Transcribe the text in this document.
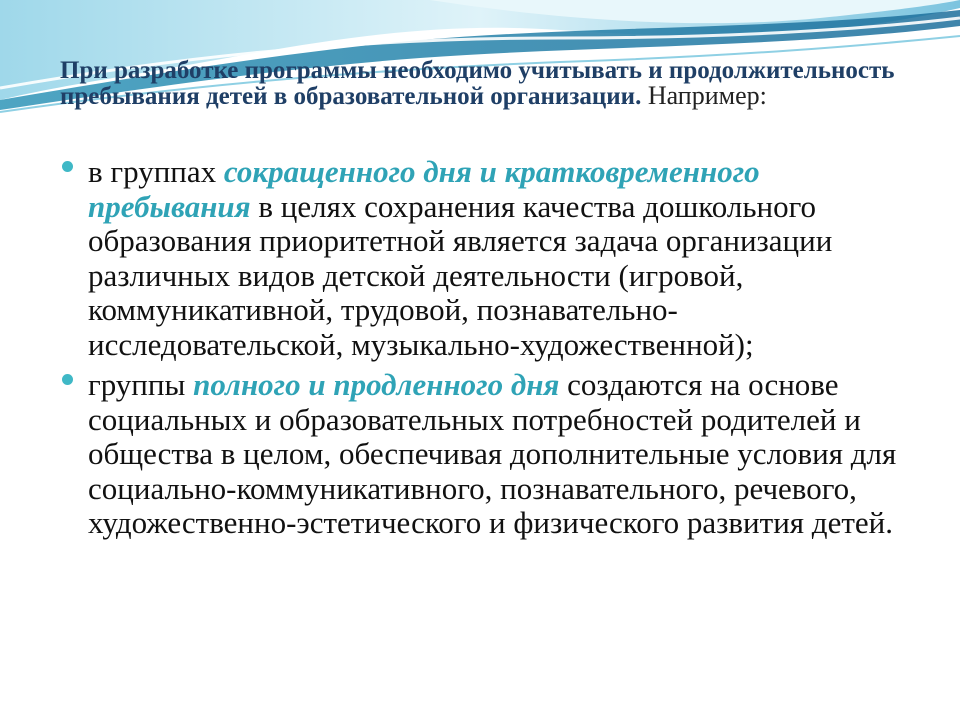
При разработке программы необходимо учитывать и продолжительность пребывания детей в образовательной организации. Например:
в группах сокращенного дня и кратковременного пребывания в целях сохранения качества дошкольного образования приоритетной является задача организации различных видов детской деятельности (игровой, коммуникативной, трудовой, познавательно-исследовательской, музыкально-художественной);
группы полного и продленного дня создаются на основе социальных и образовательных потребностей родителей и общества в целом, обеспечивая дополнительные условия для социально-коммуникативного, познавательного, речевого, художественно-эстетического и физического развития детей.
